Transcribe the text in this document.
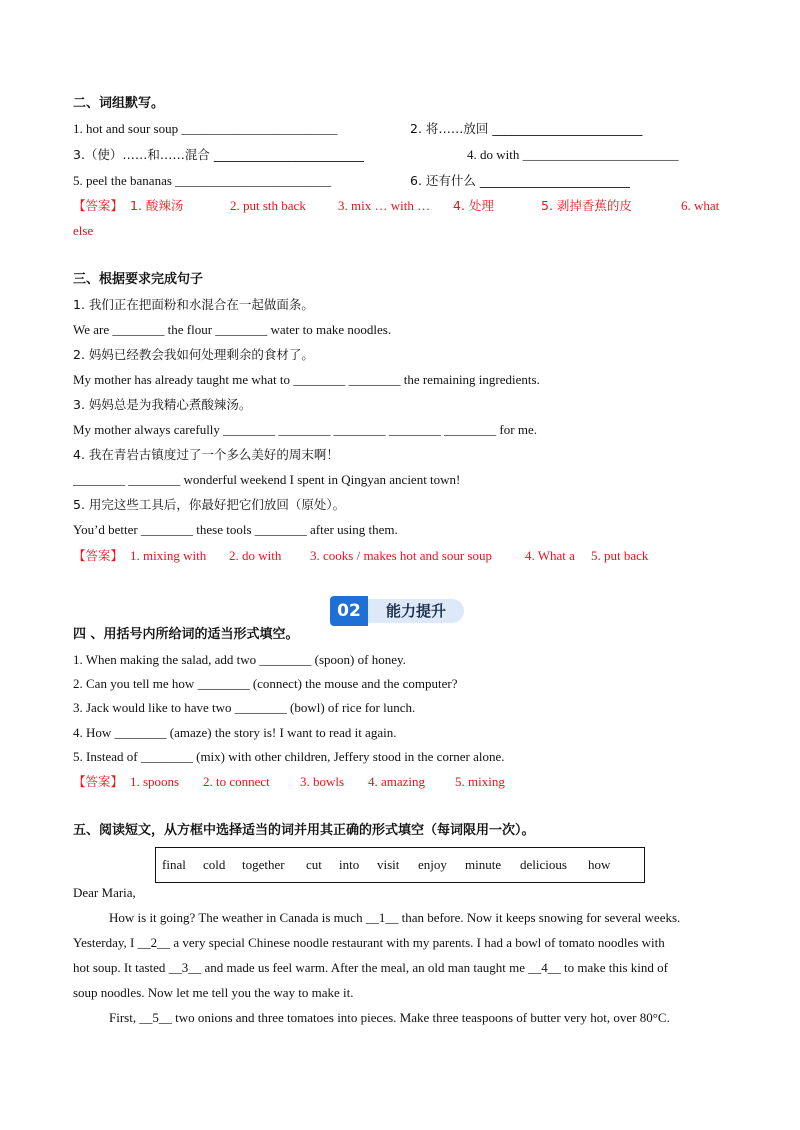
二、词组默写。
1. hot and sour soup ________________________	2. 将……放回 ________________________
3.（使）……和……混合 ________________________	4. do with ________________________
5. peel the bananas ________________________	6. 还有什么 ________________________
【答案】 1. 酸辣汤	2. put sth back 3. mix … with … 4. 处理	5. 剥掉香蕉的皮	6. what
else
三、根据要求完成句子
1. 我们正在把面粉和水混合在一起做面条。
We are ________ the flour ________ water to make noodles.
2. 妈妈已经教会我如何处理剩余的食材了。
My mother has already taught me what to ________ ________ the remaining ingredients.
3. 妈妈总是为我精心煮酸辣汤。
My mother always carefully ________ ________ ________ ________ ________ for me.
4. 我在青岩古镇度过了一个多么美好的周末啊！
________ ________ wonderful weekend I spent in Qingyan ancient town!
5. 用完这些工具后，你最好把它们放回（原处）。
You’d better ________ these tools ________ after using them.
【答案】 1. mixing with 2. do with 3. cooks / makes hot and sour soup	4. What a 5. put back
02	能力提升
四 、用括号内所给词的适当形式填空。
1. When making the salad, add two ________ (spoon) of honey.
2. Can you tell me how ________ (connect) the mouse and the computer?
3. Jack would like to have two ________ (bowl) of rice for lunch.
4. How ________ (amaze) the story is! I want to read it again.
5. Instead of ________ (mix) with other children, Jeffery stood in the corner alone.
【答案】 1. spoons 2. to connect 3. bowls 4. amazing 5. mixing
五、阅读短文，从方框中选择适当的词并用其正确的形式填空（每词限用一次）。
final cold together cut into visit enjoy minute delicious how
Dear Maria,
How is it going? The weather in Canada is much __1__ than before. Now it keeps snowing for several weeks.
Yesterday, I __2__ a very special Chinese noodle restaurant with my parents. I had a bowl of tomato noodles with
hot soup. It tasted __3__ and made us feel warm. After the meal, an old man taught me __4__ to make this kind of
soup noodles. Now let me tell you the way to make it.
First, __5__ two onions and three tomatoes into pieces. Make three teaspoons of butter very hot, over 80°C.
